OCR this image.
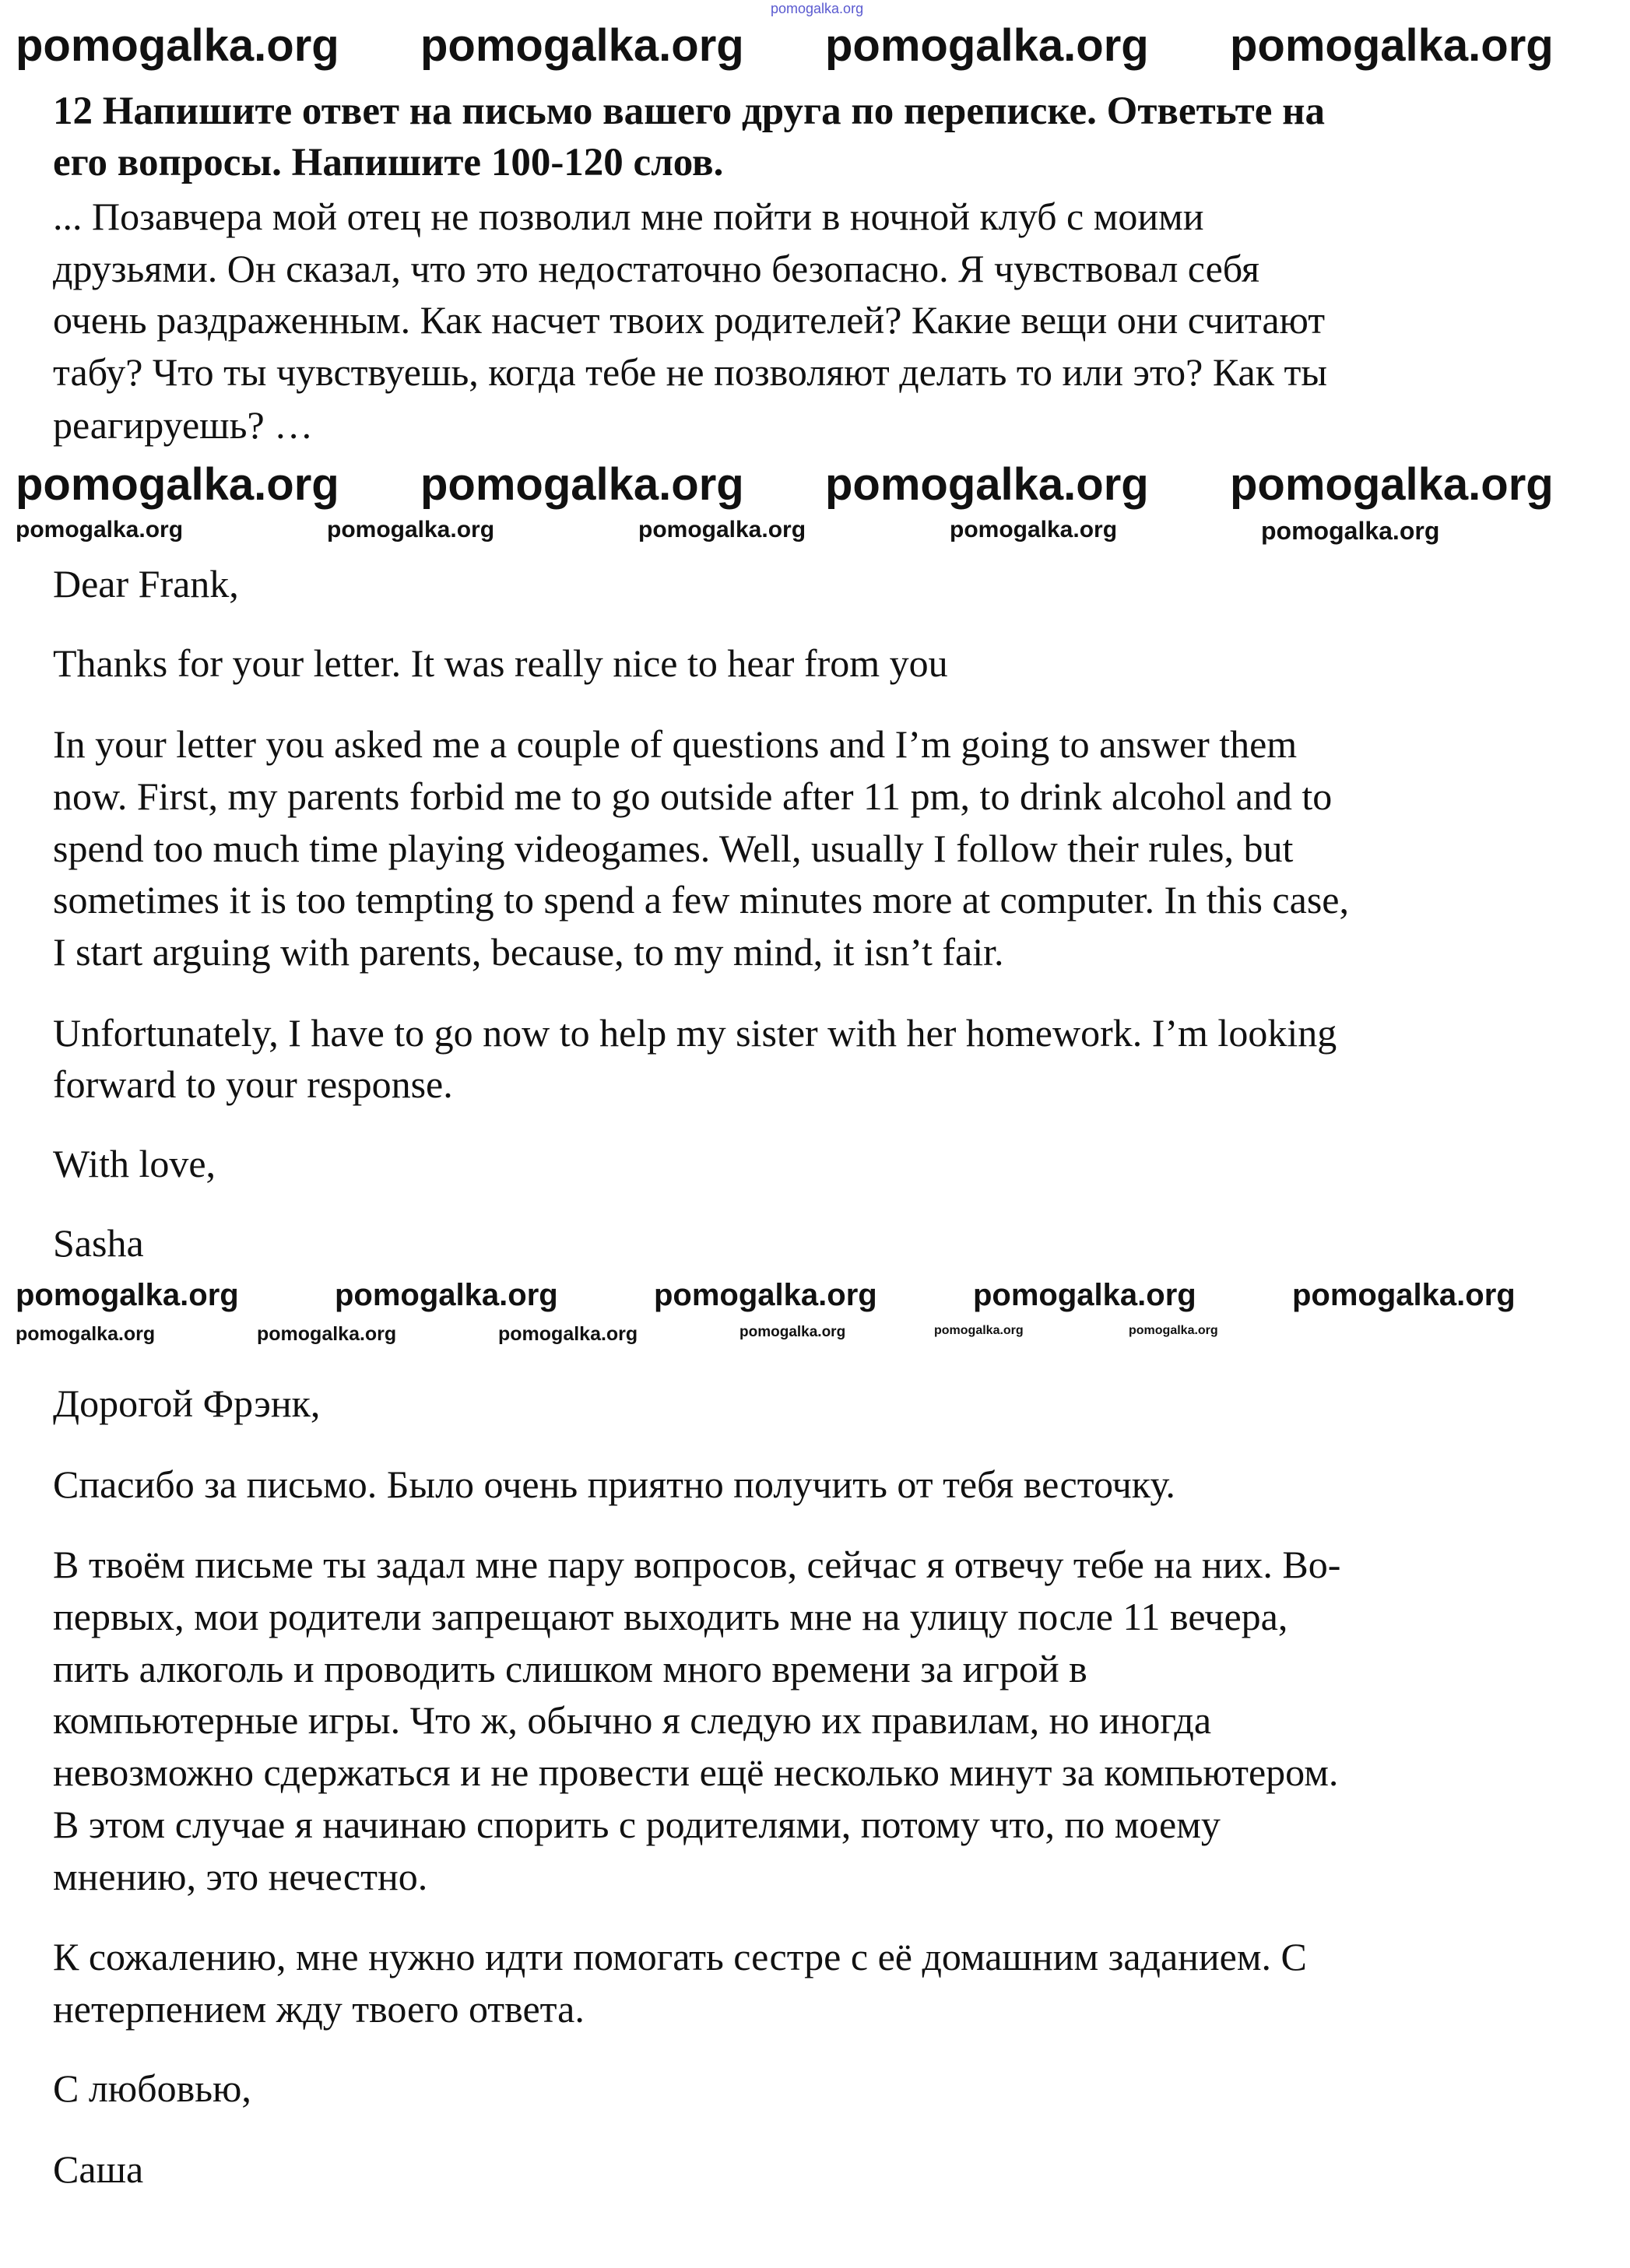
12 Напишите ответ на письмо вашего друга по переписке. Ответьте на
его вопросы. Напишите 100-120 слов.
... Позавчера мой отец не позволил мне пойти в ночной клуб с моими
друзьями. Он сказал, что это недостаточно безопасно. Я чувствовал себя
очень раздраженным. Как насчет твоих родителей? Какие вещи они считают
табу? Что ты чувствуешь, когда тебе не позволяют делать то или это? Как ты
реагируешь? …
Dear Frank,
Thanks for your letter. It was really nice to hear from you
In your letter you asked me a couple of questions and I’m going to answer them
now. First, my parents forbid me to go outside after 11 pm, to drink alcohol and to
spend too much time playing videogames. Well, usually I follow their rules, but
sometimes it is too tempting to spend a few minutes more at computer. In this case,
I start arguing with parents, because, to my mind, it isn’t fair.
Unfortunately, I have to go now to help my sister with her homework. I’m looking
forward to your response.
With love,
Sasha
Дорогой Фрэнк,
Спасибо за письмо. Было очень приятно получить от тебя весточку.
В твоём письме ты задал мне пару вопросов, сейчас я отвечу тебе на них. Во-
первых, мои родители запрещают выходить мне на улицу после 11 вечера,
пить алкоголь и проводить слишком много времени за игрой в
компьютерные игры. Что ж, обычно я следую их правилам, но иногда
невозможно сдержаться и не провести ещё несколько минут за компьютером.
В этом случае я начинаю спорить с родителями, потому что, по моему
мнению, это нечестно.
К сожалению, мне нужно идти помогать сестре с её домашним заданием. С
нетерпением жду твоего ответа.
С любовью,
Саша
pomogalka.org
pomogalka.org pomogalka.org pomogalka.org pomogalka.org
pomogalka.org pomogalka.org pomogalka.org pomogalka.org
pomogalka.org	pomogalka.org	pomogalka.org	pomogalka.org	pomogalka.org
pomogalka.org	pomogalka.org	pomogalka.org	pomogalka.org	pomogalka.org
pomogalka.org	pomogalka.org	pomogalka.org	pomogalka.org	pomogalka.org	pomogalka.org
